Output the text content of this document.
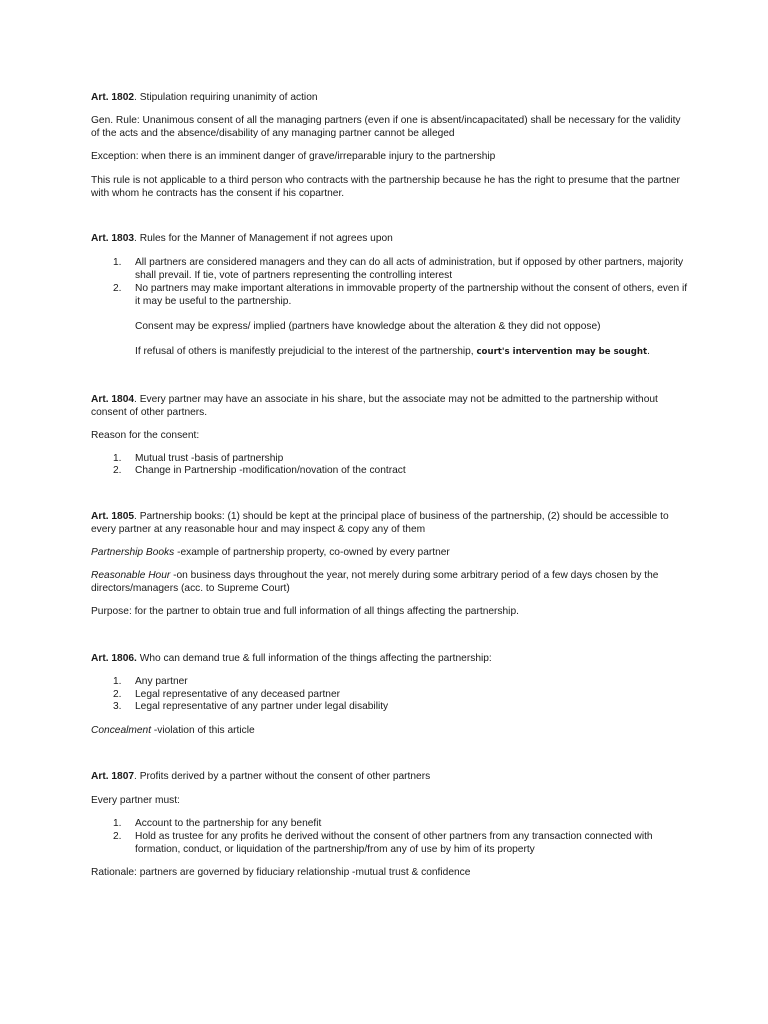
Art. 1802. Stipulation requiring unanimity of action

Gen. Rule: Unanimous consent of all the managing partners (even if one is absent/incapacitated) shall be necessary for the validity of the acts and the absence/disability of any managing partner cannot be alleged

Exception: when there is an imminent danger of grave/irreparable injury to the partnership

This rule is not applicable to a third person who contracts with the partnership because he has the right to presume that the partner with whom he contracts has the consent if his copartner.

Art. 1803. Rules for the Manner of Management if not agrees upon

1.	All partners are considered managers and they can do all acts of administration, but if opposed by other partners, majority shall prevail. If tie, vote of partners representing the controlling interest
2.	No partners may make important alterations in immovable property of the partnership without the consent of others, even if it may be useful to the partnership.

Consent may be express/ implied (partners have knowledge about the alteration & they did not oppose)

If refusal of others is manifestly prejudicial to the interest of the partnership, court's intervention may be sought.

Art. 1804. Every partner may have an associate in his share, but the associate may not be admitted to the partnership without consent of other partners.

Reason for the consent:

1.	Mutual trust -basis of partnership
2.	Change in Partnership -modification/novation of the contract

Art. 1805. Partnership books: (1) should be kept at the principal place of business of the partnership, (2) should be accessible to every partner at any reasonable hour and may inspect & copy any of them

Partnership Books -example of partnership property, co-owned by every partner

Reasonable Hour -on business days throughout the year, not merely during some arbitrary period of a few days chosen by the directors/managers (acc. to Supreme Court)

Purpose: for the partner to obtain true and full information of all things affecting the partnership.

Art. 1806. Who can demand true & full information of the things affecting the partnership:

1.	Any partner
2.	Legal representative of any deceased partner
3.	Legal representative of any partner under legal disability

Concealment -violation of this article

Art. 1807. Profits derived by a partner without the consent of other partners

Every partner must:

1.	Account to the partnership for any benefit
2.	Hold as trustee for any profits he derived without the consent of other partners from any transaction connected with formation, conduct, or liquidation of the partnership/from any of use by him of its property

Rationale: partners are governed by fiduciary relationship -mutual trust & confidence
